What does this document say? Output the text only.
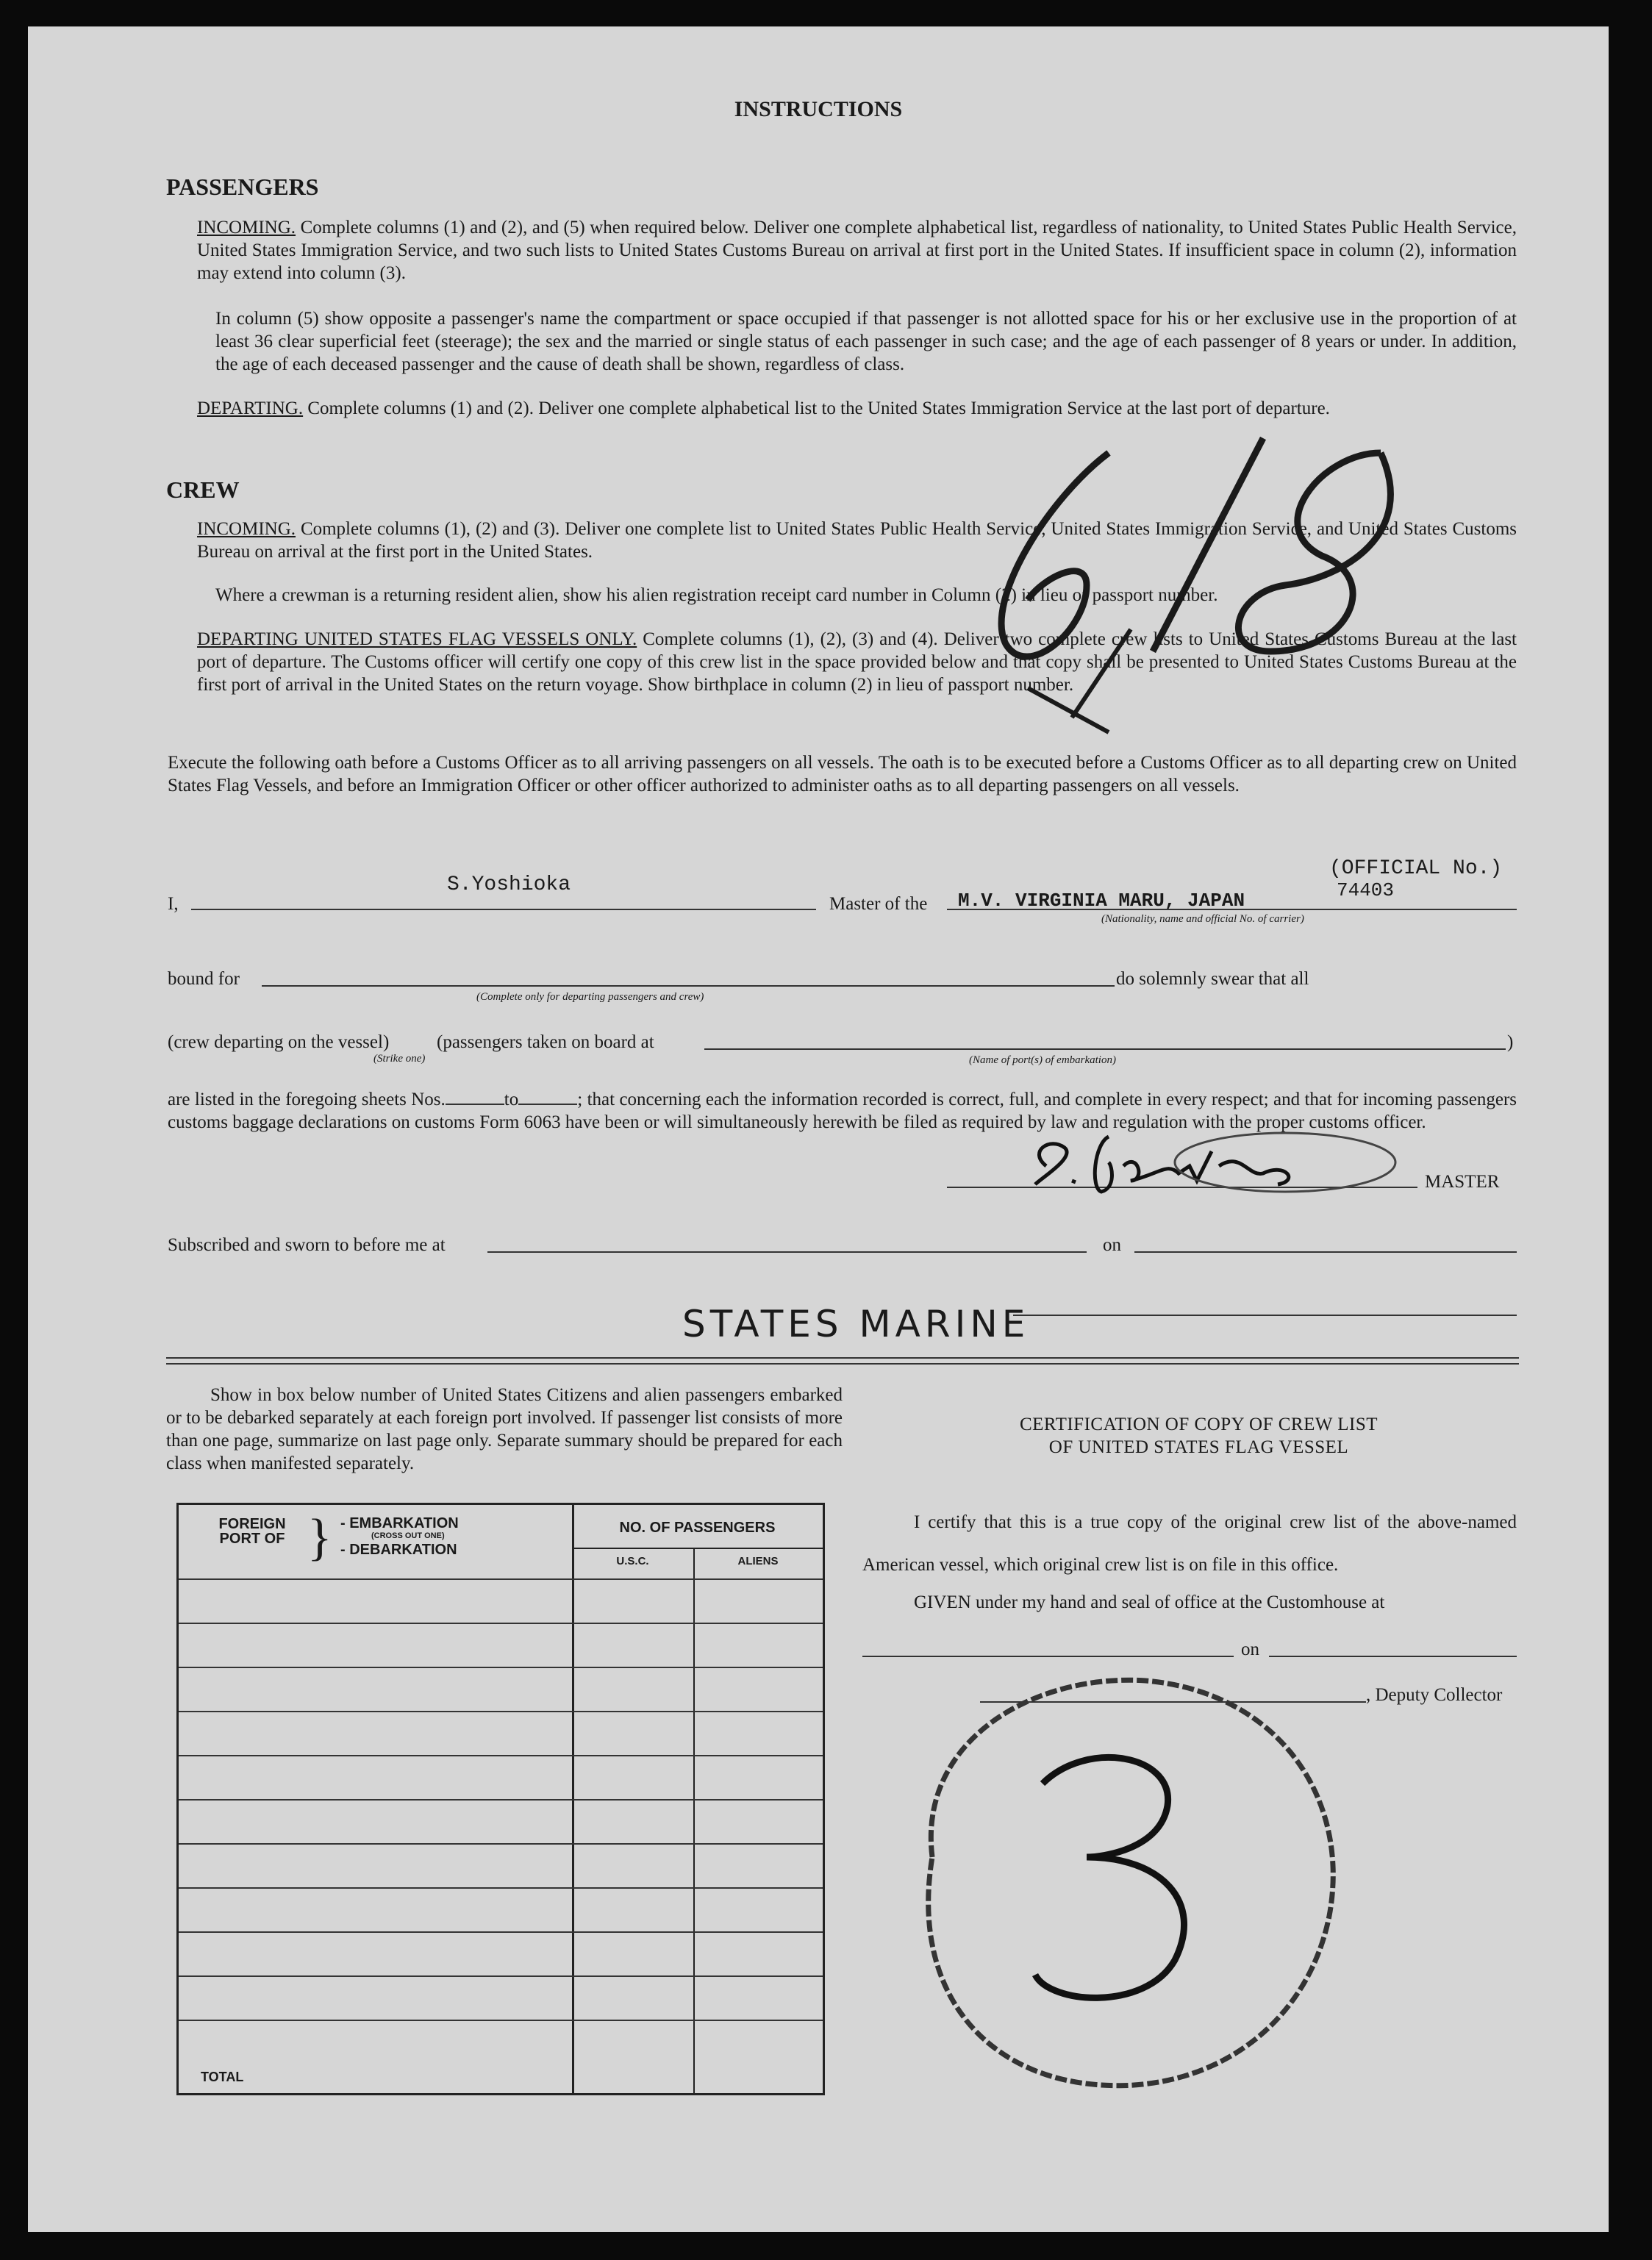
INSTRUCTIONS
PASSENGERS
INCOMING. Complete columns (1) and (2), and (5) when required below. Deliver one complete alphabetical list, regardless of nationality, to United States Public Health Service, United States Immigration Service, and two such lists to United States Customs Bureau on arrival at first port in the United States. If insufficient space in column (2), information may extend into column (3).
In column (5) show opposite a passenger's name the compartment or space occupied if that passenger is not allotted space for his or her exclusive use in the proportion of at least 36 clear superficial feet (steerage); the sex and the married or single status of each passenger in such case; and the age of each passenger of 8 years or under. In addition, the age of each deceased passenger and the cause of death shall be shown, regardless of class.
DEPARTING. Complete columns (1) and (2). Deliver one complete alphabetical list to the United States Immigration Service at the last port of departure.
CREW
INCOMING. Complete columns (1), (2) and (3). Deliver one complete list to United States Public Health Service, United States Immigration Service, and United States Customs Bureau on arrival at the first port in the United States.
Where a crewman is a returning resident alien, show his alien registration receipt card number in Column (2) in lieu of passport number.
DEPARTING UNITED STATES FLAG VESSELS ONLY. Complete columns (1), (2), (3) and (4). Deliver two complete crew lists to United States Customs Bureau at the last port of departure. The Customs officer will certify one copy of this crew list in the space provided below and that copy shall be presented to United States Customs Bureau at the first port of arrival in the United States on the return voyage. Show birthplace in column (2) in lieu of passport number.
Execute the following oath before a Customs Officer as to all arriving passengers on all vessels. The oath is to be executed before a Customs Officer as to all departing crew on United States Flag Vessels, and before an Immigration Officer or other officer authorized to administer oaths as to all departing passengers on all vessels.
I,
S.Yoshioka
Master of the M.V. VIRGINIA MARU, JAPAN
(OFFICIAL No.)
74403
(Nationality, name and official No. of carrier)
bound for
(Complete only for departing passengers and crew)
do solemnly swear that all
(crew departing on the vessel)
(Strike one)
(passengers taken on board at	)
(Name of port(s) of embarkation)
are listed in the foregoing sheets Nos.	to	; that concerning each the information recorded is correct, full, and complete in every respect; and that for incoming passengers customs baggage declarations on customs Form 6063 have been or will simultaneously herewith be filed as required by law and regulation with the proper customs officer.
MASTER
Subscribed and sworn to before me at	on
STATES MARINE
Show in box below number of United States Citizens and alien passengers embarked or to be debarked separately at each foreign port involved. If passenger list consists of more than one page, summarize on last page only. Separate summary should be prepared for each class when manifested separately.
FOREIGN PORT OF } - EMBARKATION
(CROSS OUT ONE)
- DEBARKATION
NO. OF PASSENGERS
U.S.C.	ALIENS
TOTAL
CERTIFICATION OF COPY OF CREW LIST
OF UNITED STATES FLAG VESSEL
I certify that this is a true copy of the original crew list of the above-named American vessel, which original crew list is on file in this office.
GIVEN under my hand and seal of office at the Customhouse at
on
, Deputy Collector
3
